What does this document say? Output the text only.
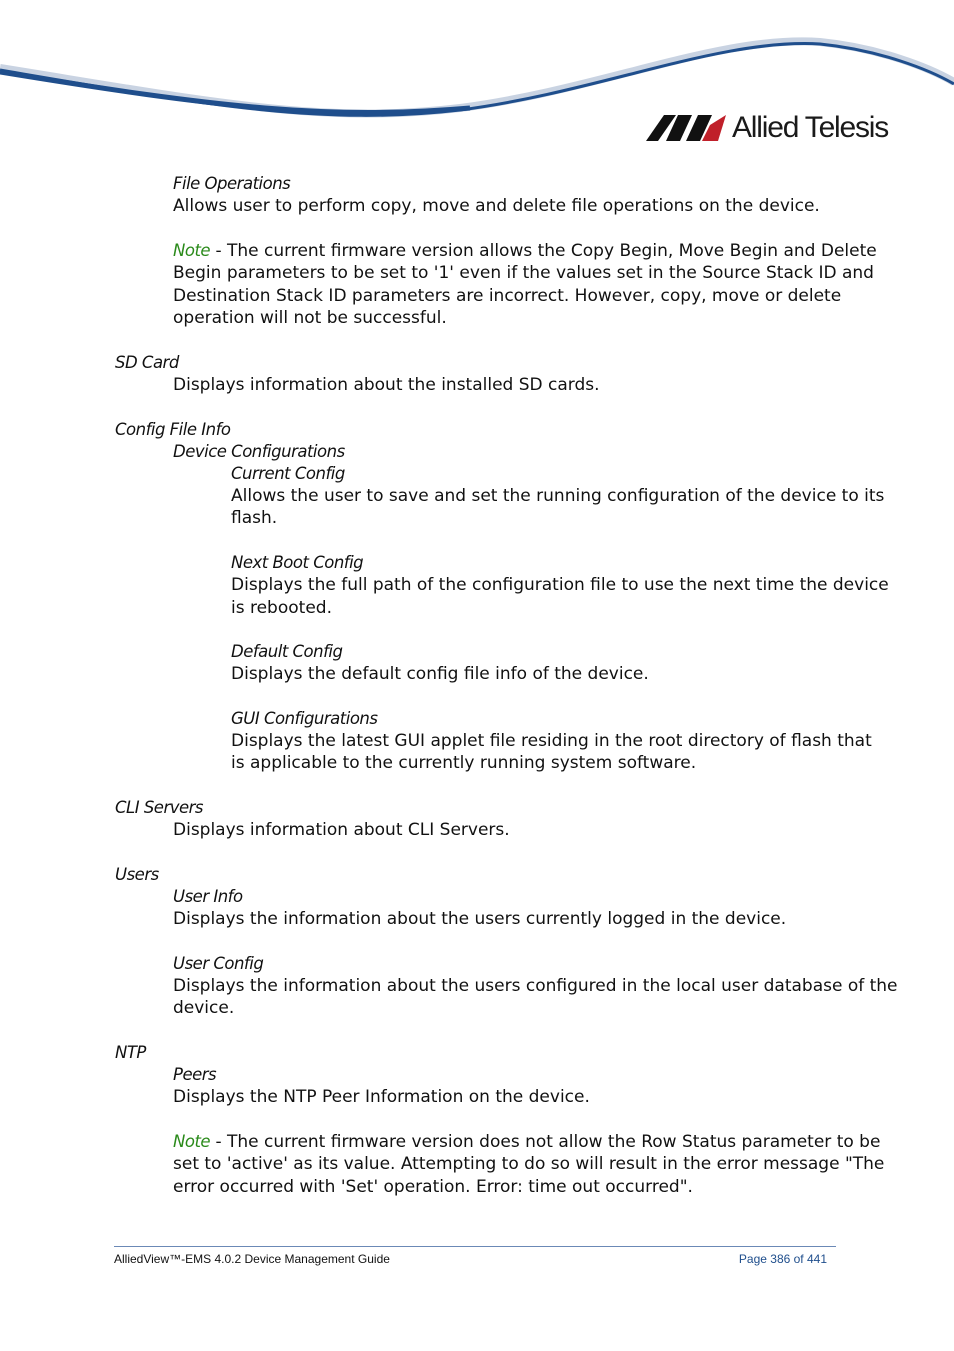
Allied Telesis
File Operations
Allows user to perform copy, move and delete file operations on the device.
Note - The current firmware version allows the Copy Begin, Move Begin and Delete
Begin parameters to be set to '1' even if the values set in the Source Stack ID and
Destination Stack ID parameters are incorrect. However, copy, move or delete
operation will not be successful.
SD Card
Displays information about the installed SD cards.
Config File Info
Device Configurations
Current Config
Allows the user to save and set the running configuration of the device to its
flash.
Next Boot Config
Displays the full path of the configuration file to use the next time the device
is rebooted.
Default Config
Displays the default config file info of the device.
GUI Configurations
Displays the latest GUI applet file residing in the root directory of flash that
is applicable to the currently running system software.
CLI Servers
Displays information about CLI Servers.
Users
User Info
Displays the information about the users currently logged in the device.
User Config
Displays the information about the users configured in the local user database of the
device.
NTP
Peers
Displays the NTP Peer Information on the device.
Note - The current firmware version does not allow the Row Status parameter to be
set to 'active' as its value. Attempting to do so will result in the error message "The
error occurred with 'Set' operation. Error: time out occurred".
AlliedView™-EMS 4.0.2 Device Management Guide	Page 386 of 441
